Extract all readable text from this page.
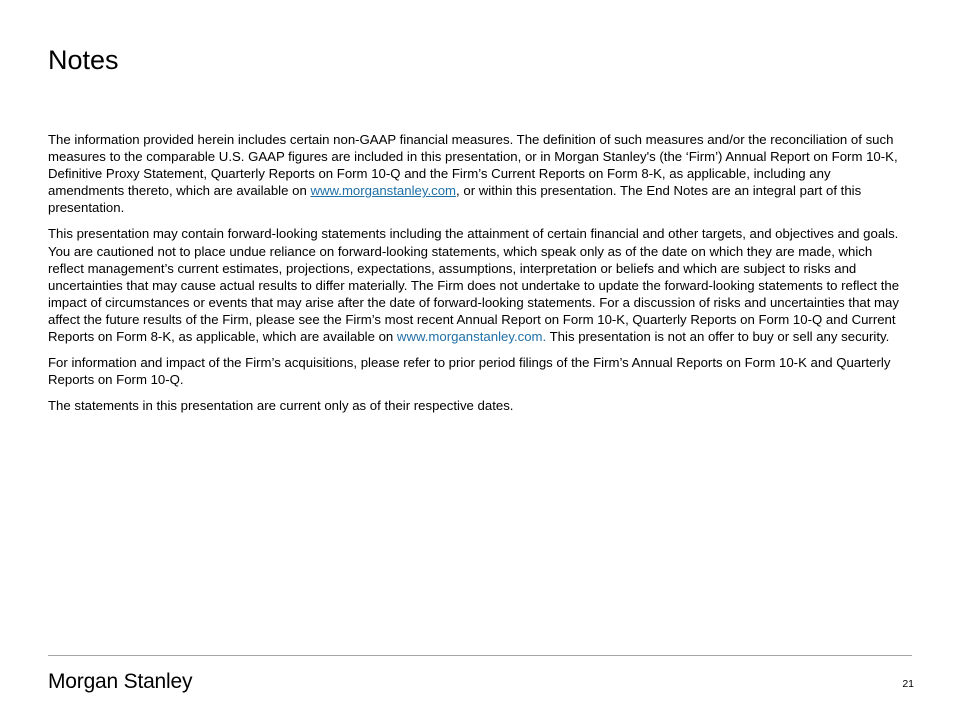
Notes

The information provided herein includes certain non-GAAP financial measures. The definition of such measures and/or the reconciliation of such measures to the comparable U.S. GAAP figures are included in this presentation, or in Morgan Stanley's (the ‘Firm’) Annual Report on Form 10-K, Definitive Proxy Statement, Quarterly Reports on Form 10-Q and the Firm’s Current Reports on Form 8-K, as applicable, including any amendments thereto, which are available on www.morganstanley.com, or within this presentation. The End Notes are an integral part of this presentation.

This presentation may contain forward-looking statements including the attainment of certain financial and other targets, and objectives and goals. You are cautioned not to place undue reliance on forward-looking statements, which speak only as of the date on which they are made, which reflect management’s current estimates, projections, expectations, assumptions, interpretation or beliefs and which are subject to risks and uncertainties that may cause actual results to differ materially. The Firm does not undertake to update the forward-looking statements to reflect the impact of circumstances or events that may arise after the date of forward-looking statements. For a discussion of risks and uncertainties that may affect the future results of the Firm, please see the Firm’s most recent Annual Report on Form 10-K, Quarterly Reports on Form 10-Q and Current Reports on Form 8-K, as applicable, which are available on www.morganstanley.com. This presentation is not an offer to buy or sell any security.

For information and impact of the Firm’s acquisitions, please refer to prior period filings of the Firm’s Annual Reports on Form 10-K and Quarterly Reports on Form 10-Q.

The statements in this presentation are current only as of their respective dates.

Morgan Stanley	21
